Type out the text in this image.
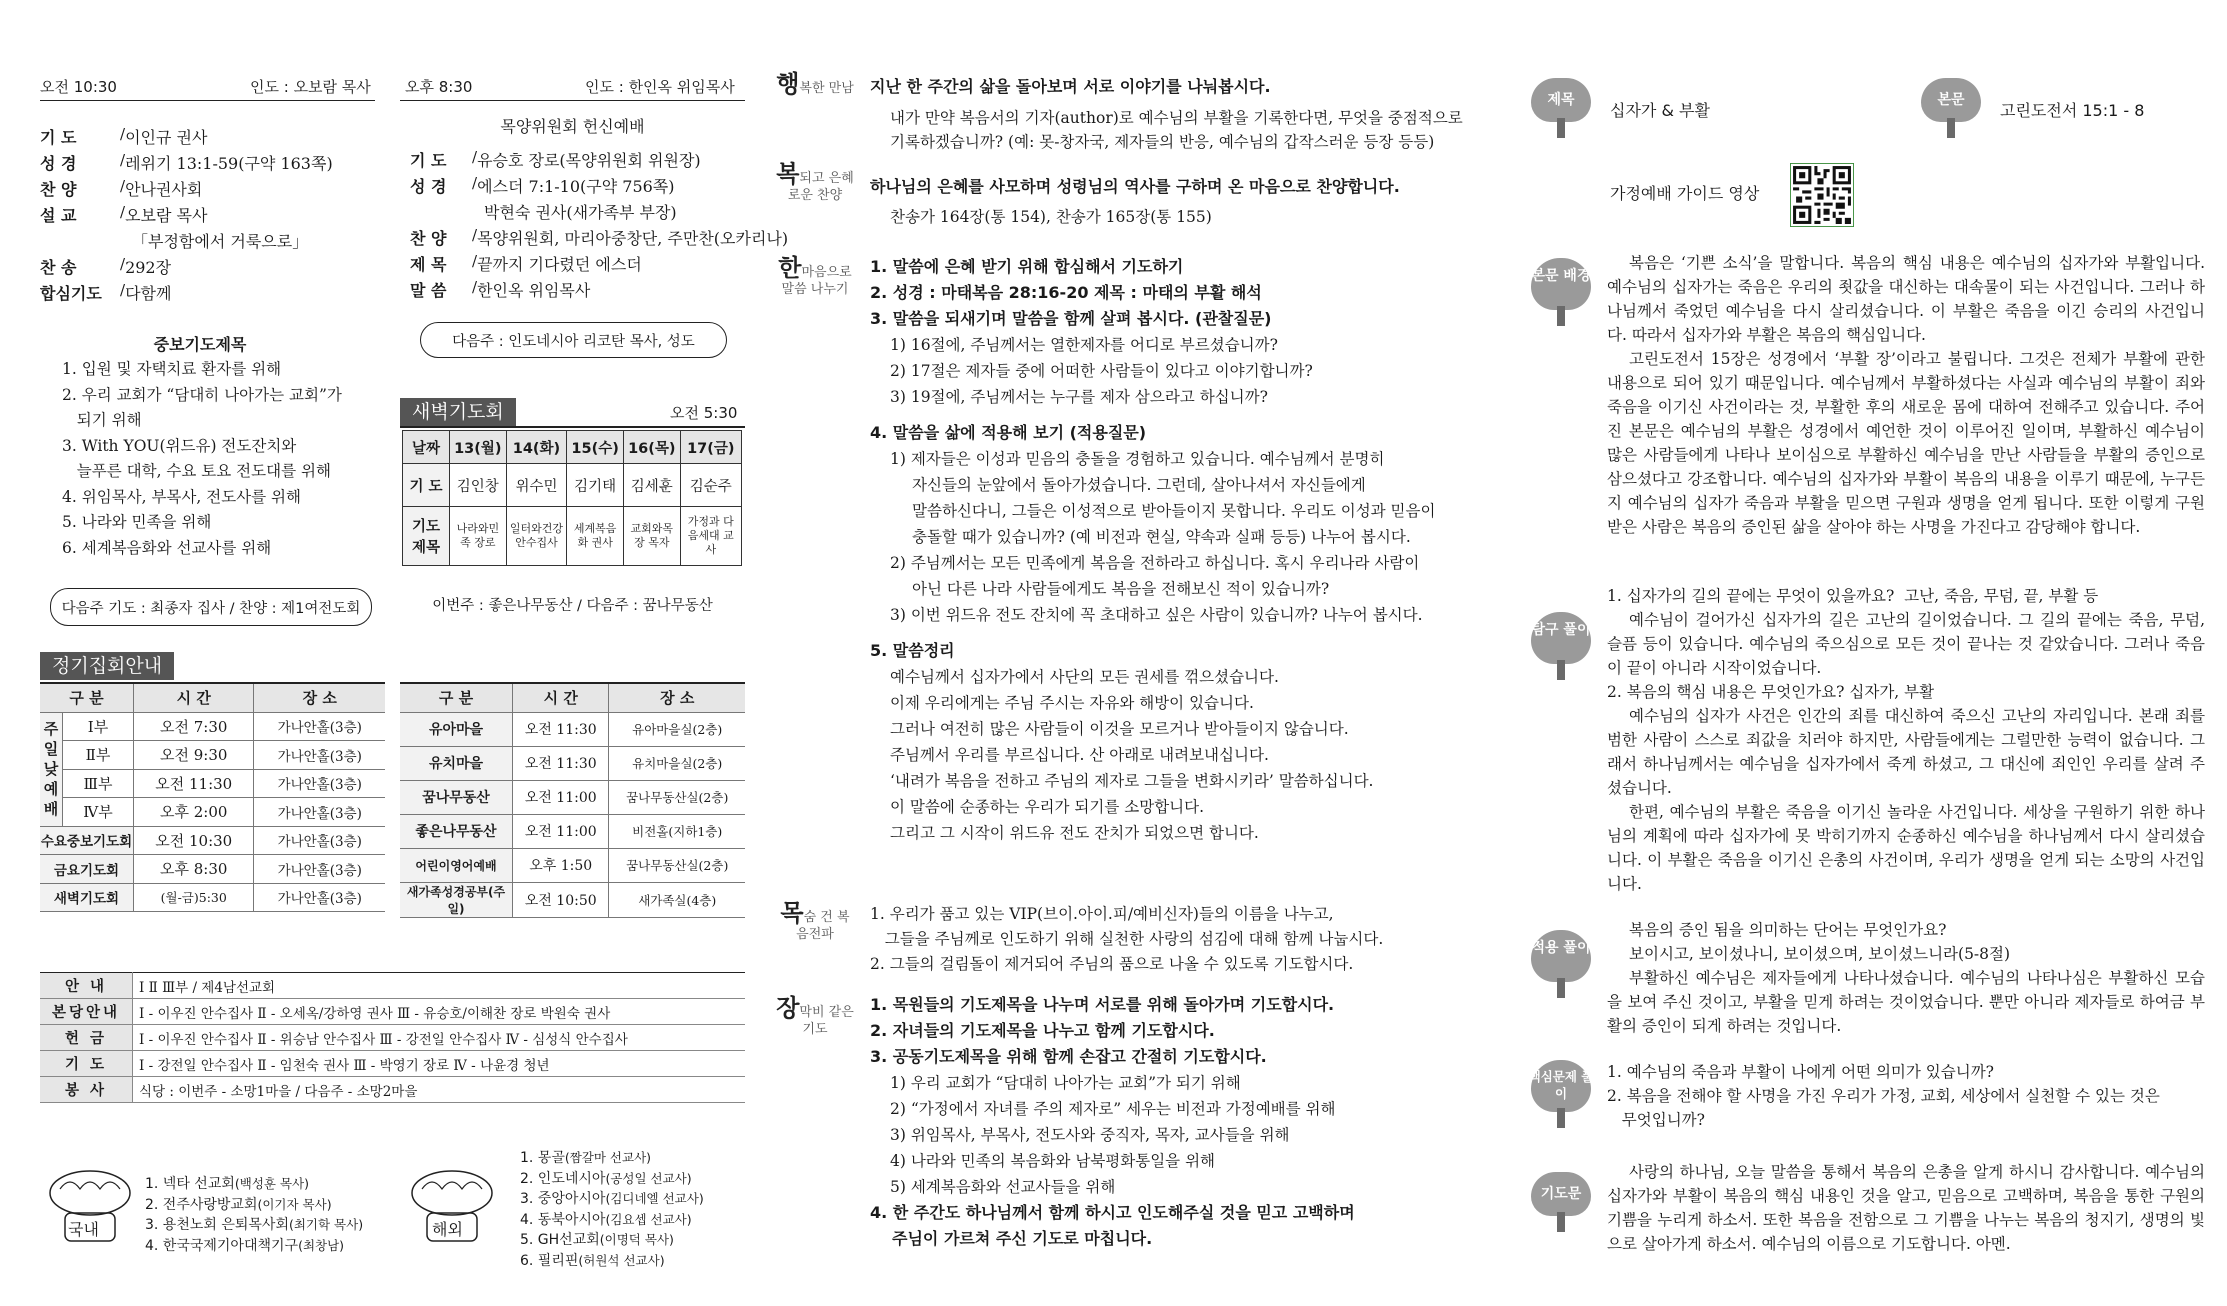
오전 10:30	인도 : 오보람 목사 오후 8:30	인도 : 한인옥 위임목사
기 도	/ 이인규 권사
성 경	/ 레위기 13:1-59(구약 163쪽)
찬 양	/ 안나권사회
설 교	/ 오보람 목사
「부정함에서 거룩으로」
찬 송	/ 292장
합심기도	/ 다함께
목양위원회 헌신예배
기 도	/ 유승호 장로(목양위원회 위원장)
성 경	/ 에스더 7:1-10(구약 756쪽)
박현숙 권사(새가족부 부장)
찬 양	/ 목양위원회, 마리아중창단, 주만찬(오카리나)
제 목	/ 끝까지 기다렸던 에스더
말 씀	/ 한인옥 위임목사
다음주 : 인도네시아 리코탄 목사, 성도
중보기도제목
1. 입원 및 자택치료 환자를 위해
2. 우리 교회가 “담대히 나아가는 교회”가
되기 위해
3. With YOU(위드유) 전도잔치와
늘푸른 대학, 수요 토요 전도대를 위해
4. 위임목사, 부목사, 전도사를 위해
5. 나라와 민족을 위해
6. 세계복음화와 선교사를 위해
다음주 기도 : 최종자 집사 / 찬양 : 제1여전도회
새벽기도회	오전 5:30
날짜	13(월)	14(화)	15(수)	16(목)	17(금)
기 도	김인창	위수민	김기태	김세훈	김순주
기도 제목	나라와민족 장로	일터와건강 안수집사	세계복음화 권사	교회와목장 목자	가정과 다음세대 교사
이번주 : 좋은나무동산 / 다음주 : 꿈나무동산
정기집회안내
구 분		시 간	장 소
주일낮예배	Ⅰ부	오전 7:30	가나안홀(3층)
	Ⅱ부	오전 9:30	가나안홀(3층)
	Ⅲ부	오전 11:30	가나안홀(3층)
	Ⅳ부	오후 2:00	가나안홀(3층)
수요중보기도회		오전 10:30	가나안홀(3층)
금요기도회		오후 8:30	가나안홀(3층)
새벽기도회		(월-금)5:30	가나안홀(3층)
구 분	시 간	장 소
유아마을	오전 11:30	유아마을실(2층)
유치마을	오전 11:30	유치마을실(2층)
꿈나무동산	오전 11:00	꿈나무동산실(2층)
좋은나무동산	오전 11:00	비전홀(지하1층)
어린이영어예배	오후 1:50	꿈나무동산실(2층)
새가족성경공부(주일)	오전 10:50	새가족실(4층)
안 내	Ⅰ Ⅱ Ⅲ부 / 제4남선교회
본당안내	Ⅰ - 이우진 안수집사 Ⅱ - 오세옥/강하영 권사 Ⅲ - 유승호/이해찬 장로 박원숙 권사
헌 금	Ⅰ - 이우진 안수집사 Ⅱ - 위승남 안수집사 Ⅲ - 강전일 안수집사 Ⅳ - 심성식 안수집사
기 도	Ⅰ - 강전일 안수집사 Ⅱ - 임천숙 권사 Ⅲ - 박영기 장로 Ⅳ - 나윤경 청년
봉 사	식당 : 이번주 - 소망1마을 / 다음주 - 소망2마을
국내
1. 넥타 선교회(백성훈 목사)
2. 전주사랑방교회(이기자 목사)
3. 용천노회 은퇴목사회(최기학 목사)
4. 한국국제기아대책기구(최창남)
해외
1. 몽골(짬갈마 선교사)
2. 인도네시아(공성일 선교사)
3. 중앙아시아(김디네엘 선교사)
4. 동북아시아(김요셉 선교사)
5. GH선교회(이명덕 목사)
6. 필리핀(허원석 선교사)
행복한 만남 지난 한 주간의 삶을 돌아보며 서로 이야기를 나눠봅시다.

내가 만약 복음서의 기자(author)로 예수님의 부활을 기록한다면, 무엇을 중점적으로

기록하겠습니까? (예: 못-창자국, 제자들의 반응, 예수님의 갑작스러운 등장 등등)

복되고 은혜로운 찬양	하나님의 은혜를 사모하며 성령님의 역사를 구하며 온 마음으로 찬양합니다.

찬송가 164장(통 154), 찬송가 165장(통 155)

한마음으로 말씀 나누기

1. 말씀에 은혜 받기 위해 합심해서 기도하기

2. 성경 : 마태복음 28:16-20 제목 : 마태의 부활 해석

3. 말씀을 되새기며 말씀을 함께 살펴 봅시다. (관찰질문)

1) 16절에, 주님께서는 열한제자를 어디로 부르셨습니까?

2) 17절은 제자들 중에 어떠한 사람들이 있다고 이야기합니까?

3) 19절에, 주님께서는 누구를 제자 삼으라고 하십니까?

4. 말씀을 삶에 적용해 보기 (적용질문)

1) 제자들은 이성과 믿음의 충돌을 경험하고 있습니다. 예수님께서 분명히

자신들의 눈앞에서 돌아가셨습니다. 그런데, 살아나셔서 자신들에게

말씀하신다니, 그들은 이성적으로 받아들이지 못합니다. 우리도 이성과 믿음이

충돌할 때가 있습니까? (예 비전과 현실, 약속과 실패 등등) 나누어 봅시다.

2) 주님께서는 모든 민족에게 복음을 전하라고 하십니다. 혹시 우리나라 사람이

아닌 다른 나라 사람들에게도 복음을 전해보신 적이 있습니까?

3) 이번 위드유 전도 잔치에 꼭 초대하고 싶은 사람이 있습니까? 나누어 봅시다.

5. 말씀정리

예수님께서 십자가에서 사단의 모든 권세를 꺾으셨습니다.

이제 우리에게는 주님 주시는 자유와 해방이 있습니다.

그러나 여전히 많은 사람들이 이것을 모르거나 받아들이지 않습니다.

주님께서 우리를 부르십니다. 산 아래로 내려보내십니다.

‘내려가 복음을 전하고 주님의 제자로 그들을 변화시키라’ 말씀하십니다.

이 말씀에 순종하는 우리가 되기를 소망합니다.

그리고 그 시작이 위드유 전도 잔치가 되었으면 합니다.

목숨 건 복음전파

1. 우리가 품고 있는 VIP(브이.아이.피/예비신자)들의 이름을 나누고,

그들을 주님께로 인도하기 위해 실천한 사랑의 섬김에 대해 함께 나눕시다.

2. 그들의 걸림돌이 제거되어 주님의 품으로 나올 수 있도록 기도합시다.

장막비 같은 기도

1. 목원들의 기도제목을 나누며 서로를 위해 돌아가며 기도합시다.

2. 자녀들의 기도제목을 나누고 함께 기도합시다.

3. 공동기도제목을 위해 함께 손잡고 간절히 기도합시다.

1) 우리 교회가 “담대히 나아가는 교회”가 되기 위해

2) “가정에서 자녀를 주의 제자로” 세우는 비전과 가정예배를 위해

3) 위임목사, 부목사, 전도사와 중직자, 목자, 교사들을 위해

4) 나라와 민족의 복음화와 남북평화통일을 위해

5) 세계복음화와 선교사들을 위해

4. 한 주간도 하나님께서 함께 하시고 인도해주실 것을 믿고 고백하며

주님이 가르쳐 주신 기도로 마칩니다.

제목
십자가 & 부활
본문
고린도전서 15:1 - 8
가정예배 가이드 영상
본문 배경

복음은 ‘기쁜 소식’을 말합니다. 복음의 핵심 내용은 예수님의 십자가와 부활입니다. 예수님의 십자가는 죽음은 우리의 죗값을 대신하는 대속물이 되는 사건입니다. 그러나 하나님께서 죽었던 예수님을 다시 살리셨습니다. 이 부활은 죽음을 이긴 승리의 사건입니다. 따라서 십자가와 부활은 복음의 핵심입니다.

고린도전서 15장은 성경에서 ‘부활 장’이라고 불립니다. 그것은 전체가 부활에 관한 내용으로 되어 있기 때문입니다. 예수님께서 부활하셨다는 사실과 예수님의 부활이 죄와 죽음을 이기신 사건이라는 것, 부활한 후의 새로운 몸에 대하여 전해주고 있습니다. 주어진 본문은 예수님의 부활은 성경에서 예언한 것이 이루어진 일이며, 부활하신 예수님이 많은 사람들에게 나타나 보이심으로 부활하신 예수님을 만난 사람들을 부활의 증인으로 삼으셨다고 강조합니다. 예수님의 십자가와 부활이 복음의 내용을 이루기 때문에, 누구든지 예수님의 십자가 죽음과 부활을 믿으면 구원과 생명을 얻게 됩니다. 또한 이렇게 구원받은 사람은 복음의 증인된 삶을 살아야 하는 사명을 가진다고 감당해야 합니다.

탐구 풀이

1. 십자가의 길의 끝에는 무엇이 있을까요?  고난, 죽음, 무덤, 끝, 부활 등

예수님이 걸어가신 십자가의 길은 고난의 길이었습니다. 그 길의 끝에는 죽음, 무덤, 슬픔 등이 있습니다. 예수님의 죽으심으로 모든 것이 끝나는 것 같았습니다. 그러나 죽음이 끝이 아니라 시작이었습니다.

2. 복음의 핵심 내용은 무엇인가요? 십자가, 부활

예수님의 십자가 사건은 인간의 죄를 대신하여 죽으신 고난의 자리입니다. 본래 죄를 범한 사람이 스스로 죄값을 치러야 하지만, 사람들에게는 그럴만한 능력이 없습니다. 그래서 하나님께서는 예수님을 십자가에서 죽게 하셨고, 그 대신에 죄인인 우리를 살려 주셨습니다.

한편, 예수님의 부활은 죽음을 이기신 놀라운 사건입니다. 세상을 구원하기 위한 하나님의 계획에 따라 십자가에 못 박히기까지 순종하신 예수님을 하나님께서 다시 살리셨습니다. 이 부활은 죽음을 이기신 은총의 사건이며, 우리가 생명을 얻게 되는 소망의 사건입니다.

적용 풀이

복음의 증인 됨을 의미하는 단어는 무엇인가요?

보이시고, 보이셨나니, 보이셨으며, 보이셨느니라(5-8절)

부활하신 예수님은 제자들에게 나타나셨습니다. 예수님의 나타나심은 부활하신 모습을 보여 주신 것이고, 부활을 믿게 하려는 것이었습니다. 뿐만 아니라 제자들로 하여금 부활의 증인이 되게 하려는 것입니다.

핵심문제 풀이

1. 예수님의 죽음과 부활이 나에게 어떤 의미가 있습니까?

2. 복음을 전해야 할 사명을 가진 우리가 가정, 교회, 세상에서 실천할 수 있는 것은

무엇입니까?

기도문
사랑의 하나님, 오늘 말씀을 통해서 복음의 은총을 알게 하시니 감사합니다. 예수님의 십자가와 부활이 복음의 핵심 내용인 것을 알고, 믿음으로 고백하며, 복음을 통한 구원의 기쁨을 누리게 하소서. 또한 복음을 전함으로 그 기쁨을 나누는 복음의 청지기, 생명의 빛으로 살아가게 하소서. 예수님의 이름으로 기도합니다. 아멘.
